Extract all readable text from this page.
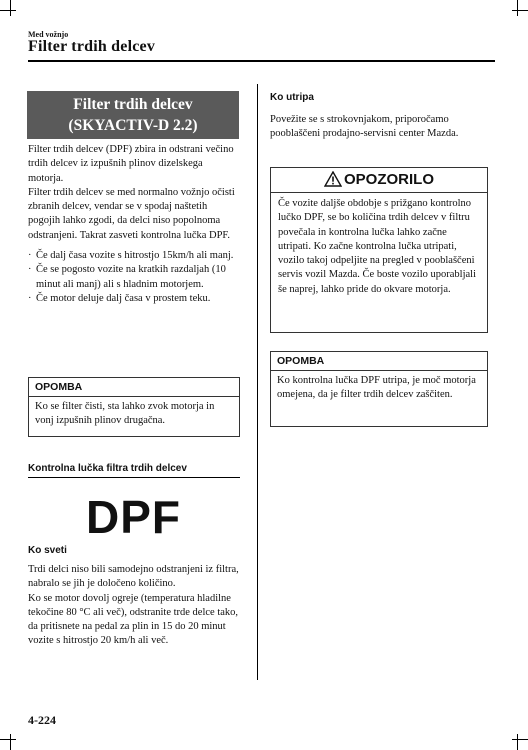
Med vožnjo
Filter trdih delcev
Filter trdih delcev
(SKYACTIV-D 2.2)
Filter trdih delcev (DPF) zbira in odstrani večino trdih delcev iz izpušnih plinov dizelskega motorja.
Filter trdih delcev se med normalno vožnjo očisti zbranih delcev, vendar se v spodaj naštetih pogojih lahko zgodi, da delci niso popolnoma odstranjeni. Takrat zasveti kontrolna lučka DPF.
· Če dalj časa vozite s hitrostjo 15km/h ali manj.
· Če se pogosto vozite na kratkih razdaljah (10 minut ali manj) ali s hladnim motorjem.
· Če motor deluje dalj časa v prostem teku.
OPOMBA
Ko se filter čisti, sta lahko zvok motorja in vonj izpušnih plinov drugačna.
Kontrolna lučka filtra trdih delcev
DPF
Ko sveti
Trdi delci niso bili samodejno odstranjeni iz filtra, nabralo se jih je določeno količino.
Ko se motor dovolj ogreje (temperatura hladilne tekočine 80 °C ali več), odstranite trde delce tako, da pritisnete na pedal za plin in 15 do 20 minut vozite s hitrostjo 20 km/h ali več.
Ko utripa
Povežite se s strokovnjakom, priporočamo pooblaščeni prodajno-servisni center Mazda.
OPOZORILO
Če vozite daljše obdobje s prižgano kontrolno lučko DPF, se bo količina trdih delcev v filtru povečala in kontrolna lučka lahko začne utripati. Ko začne kontrolna lučka utripati, vozilo takoj odpeljite na pregled v pooblaščeni servis vozil Mazda. Če boste vozilo uporabljali še naprej, lahko pride do okvare motorja.
OPOMBA
Ko kontrolna lučka DPF utripa, je moč motorja omejena, da je filter trdih delcev zaščiten.
4-224
